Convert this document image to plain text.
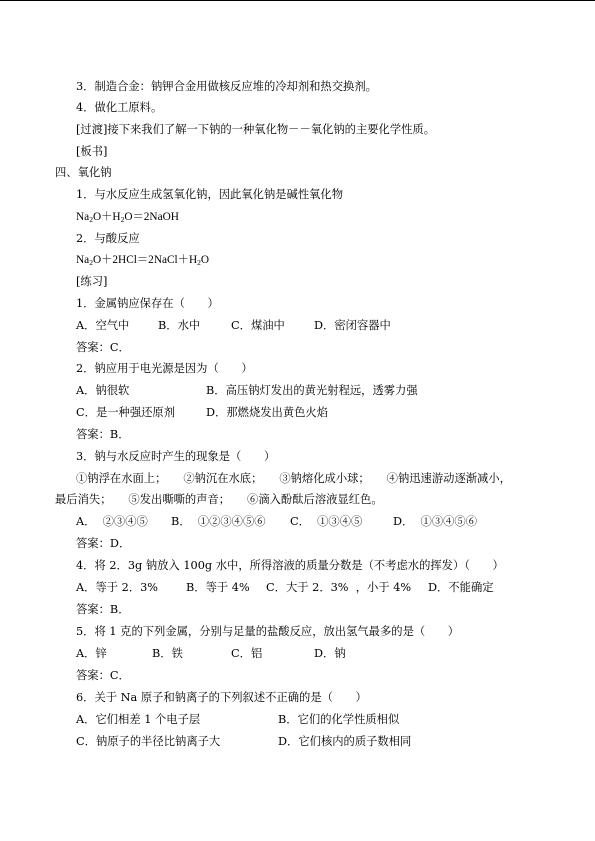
3．制造合金：钠钾合金用做核反应堆的冷却剂和热交换剂。
4．做化工原料。
[过渡]接下来我们了解一下钠的一种氧化物－－氧化钠的主要化学性质。
[板书]
四、氧化钠
1．与水反应生成氢氧化钠，因此氧化钠是碱性氧化物
$Na_2O+H_2O=2NaOH$
2．与酸反应
$Na_2O+2HCl=2NaCl+H_2O$
[练习]
1．金属钠应保存在（　　）
A．空气中	B．水中	C．煤油中	D．密闭容器中
答案：C．
2．钠应用于电光源是因为（　　）
A．钠很软	B．高压钠灯发出的黄光射程远，透雾力强
C．是一种强还原剂	D．那燃烧发出黄色火焰
答案：B．
3．钠与水反应时产生的现象是（　　）
①钠浮在水面上；　　②钠沉在水底；　　③钠熔化成小球；　　④钠迅速游动逐渐减小，
最后消失；　　⑤发出嘶嘶的声音；　　⑥滴入酚酞后溶液显红色。
A．  ②③④⑤ B．  ①②③④⑤⑥ C．  ①③④⑤	D．  ①③④⑤⑥
答案：D．
4．将 2．3g 钠放入 100g 水中，所得溶液的质量分数是（不考虑水的挥发）（　　）
A．等于 2．3% B．等于 4% C．大于 2．3%  ，小于 4% D．不能确定
答案：B．
5．将 1 克的下列金属，分别与足量的盐酸反应，放出氢气最多的是（　　）
A．锌	B．铁	C．铝	D．钠
答案：C．
6．关于 Na 原子和钠离子的下列叙述不正确的是（　　）
A．它们相差 1 个电子层	B．它们的化学性质相似
C．钠原子的半径比钠离子大	D．它们核内的质子数相同
